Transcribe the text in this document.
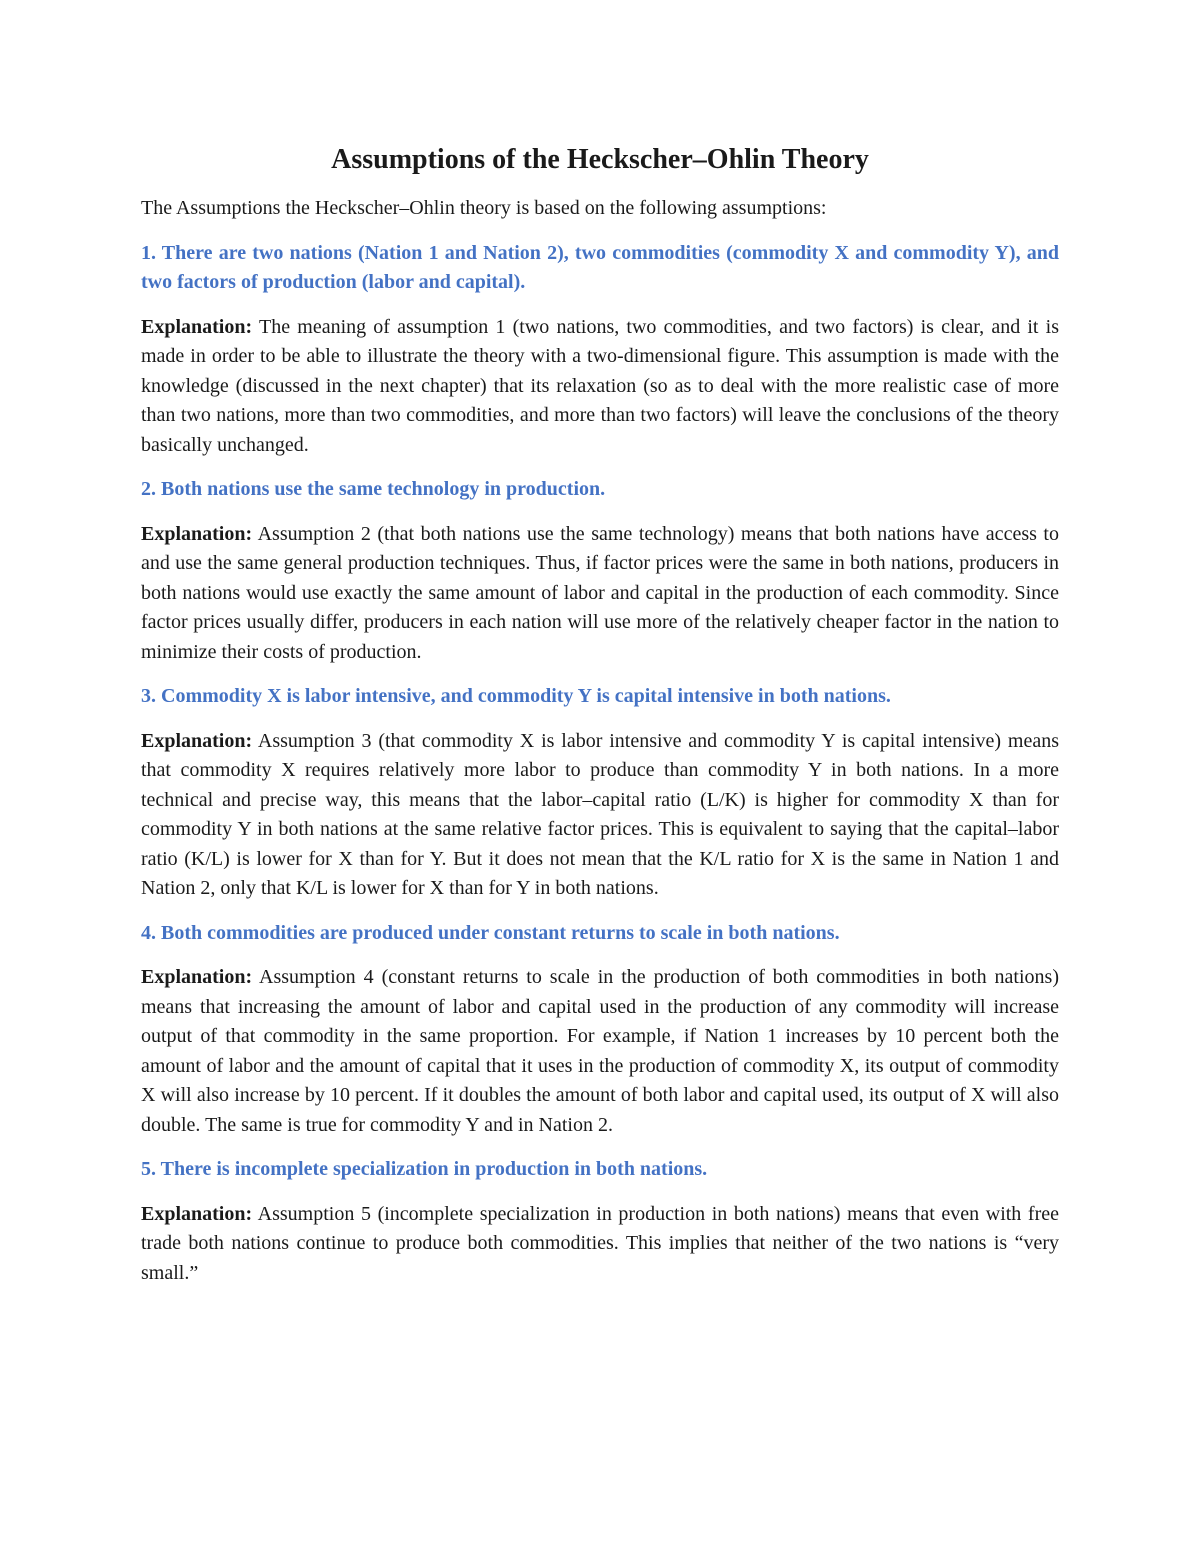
Assumptions of the Heckscher–Ohlin Theory

The Assumptions the Heckscher–Ohlin theory is based on the following assumptions:

1. There are two nations (Nation 1 and Nation 2), two commodities (commodity X and commodity Y), and two factors of production (labor and capital).

Explanation: The meaning of assumption 1 (two nations, two commodities, and two factors) is clear, and it is made in order to be able to illustrate the theory with a two-dimensional figure. This assumption is made with the knowledge (discussed in the next chapter) that its relaxation (so as to deal with the more realistic case of more than two nations, more than two commodities, and more than two factors) will leave the conclusions of the theory basically unchanged.

2. Both nations use the same technology in production.

Explanation: Assumption 2 (that both nations use the same technology) means that both nations have access to and use the same general production techniques. Thus, if factor prices were the same in both nations, producers in both nations would use exactly the same amount of labor and capital in the production of each commodity. Since factor prices usually differ, producers in each nation will use more of the relatively cheaper factor in the nation to minimize their costs of production.

3. Commodity X is labor intensive, and commodity Y is capital intensive in both nations.

Explanation: Assumption 3 (that commodity X is labor intensive and commodity Y is capital intensive) means that commodity X requires relatively more labor to produce than commodity Y in both nations. In a more technical and precise way, this means that the labor–capital ratio (L/K) is higher for commodity X than for commodity Y in both nations at the same relative factor prices. This is equivalent to saying that the capital–labor ratio (K/L) is lower for X than for Y. But it does not mean that the K/L ratio for X is the same in Nation 1 and Nation 2, only that K/L is lower for X than for Y in both nations.

4. Both commodities are produced under constant returns to scale in both nations.

Explanation: Assumption 4 (constant returns to scale in the production of both commodities in both nations) means that increasing the amount of labor and capital used in the production of any commodity will increase output of that commodity in the same proportion. For example, if Nation 1 increases by 10 percent both the amount of labor and the amount of capital that it uses in the production of commodity X, its output of commodity X will also increase by 10 percent. If it doubles the amount of both labor and capital used, its output of X will also double. The same is true for commodity Y and in Nation 2.

5. There is incomplete specialization in production in both nations.

Explanation: Assumption 5 (incomplete specialization in production in both nations) means that even with free trade both nations continue to produce both commodities. This implies that neither of the two nations is “very small.”
